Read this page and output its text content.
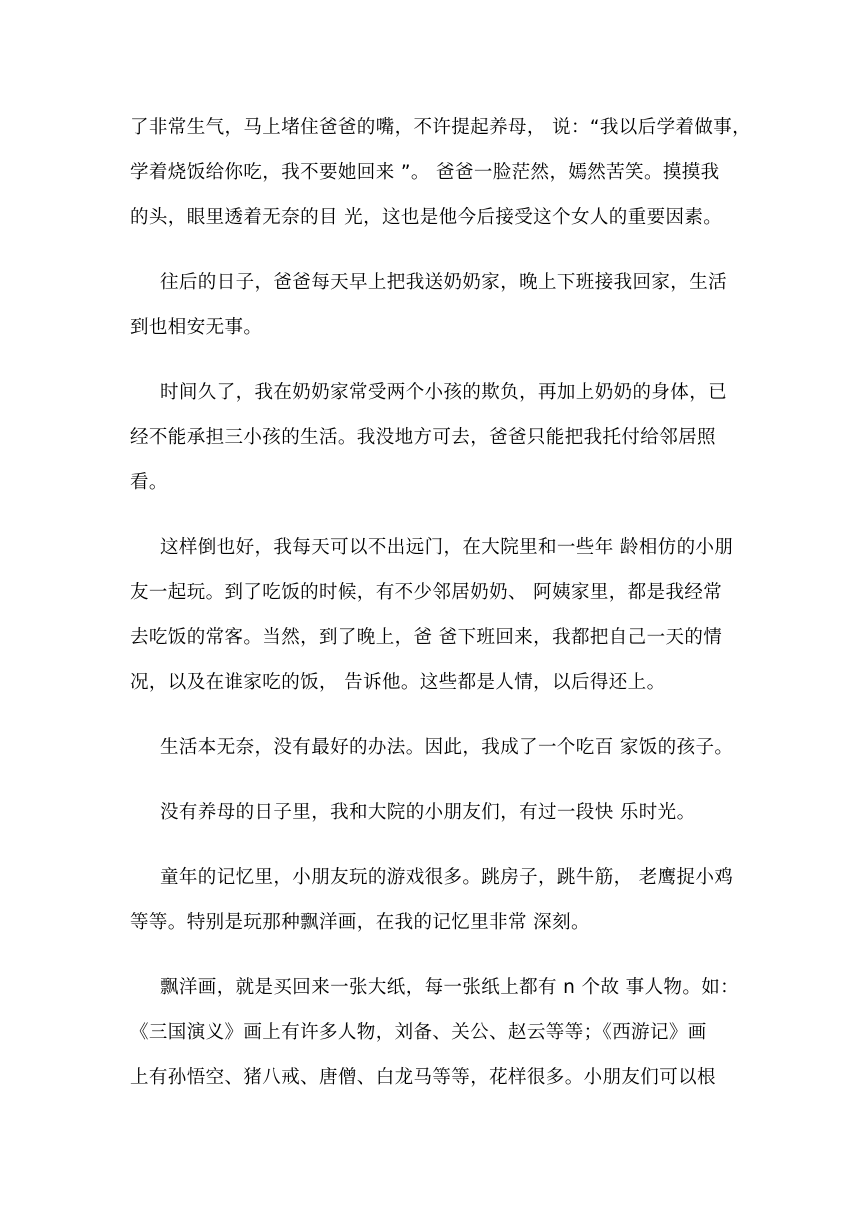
了非常生气，马上堵住爸爸的嘴，不许提起养母， 说：“我以后学着做事，
学着烧饭给你吃，我不要她回来 ”。 爸爸一脸茫然，嫣然苦笑。摸摸我
的头，眼里透着无奈的目 光，这也是他今后接受这个女人的重要因素。
往后的日子，爸爸每天早上把我送奶奶家，晚上下班接我回家，生活
到也相安无事。
时间久了，我在奶奶家常受两个小孩的欺负，再加上奶奶的身体，已
经不能承担三小孩的生活。我没地方可去，爸爸只能把我托付给邻居照
看。
这样倒也好，我每天可以不出远门，在大院里和一些年 龄相仿的小朋
友一起玩。到了吃饭的时候，有不少邻居奶奶、 阿姨家里，都是我经常
去吃饭的常客。当然，到了晚上，爸 爸下班回来，我都把自己一天的情
况，以及在谁家吃的饭， 告诉他。这些都是人情，以后得还上。
生活本无奈，没有最好的办法。因此，我成了一个吃百 家饭的孩子。
没有养母的日子里，我和大院的小朋友们，有过一段快 乐时光。
童年的记忆里，小朋友玩的游戏很多。跳房子，跳牛筋， 老鹰捉小鸡
等等。特别是玩那种飘洋画，在我的记忆里非常 深刻。
飘洋画，就是买回来一张大纸，每一张纸上都有 n 个故 事人物。如：
《三国演义》画上有许多人物，刘备、关公、赵云等等；《西游记》画
上有孙悟空、猪八戒、唐僧、白龙马等等，花样很多。小朋友们可以根
